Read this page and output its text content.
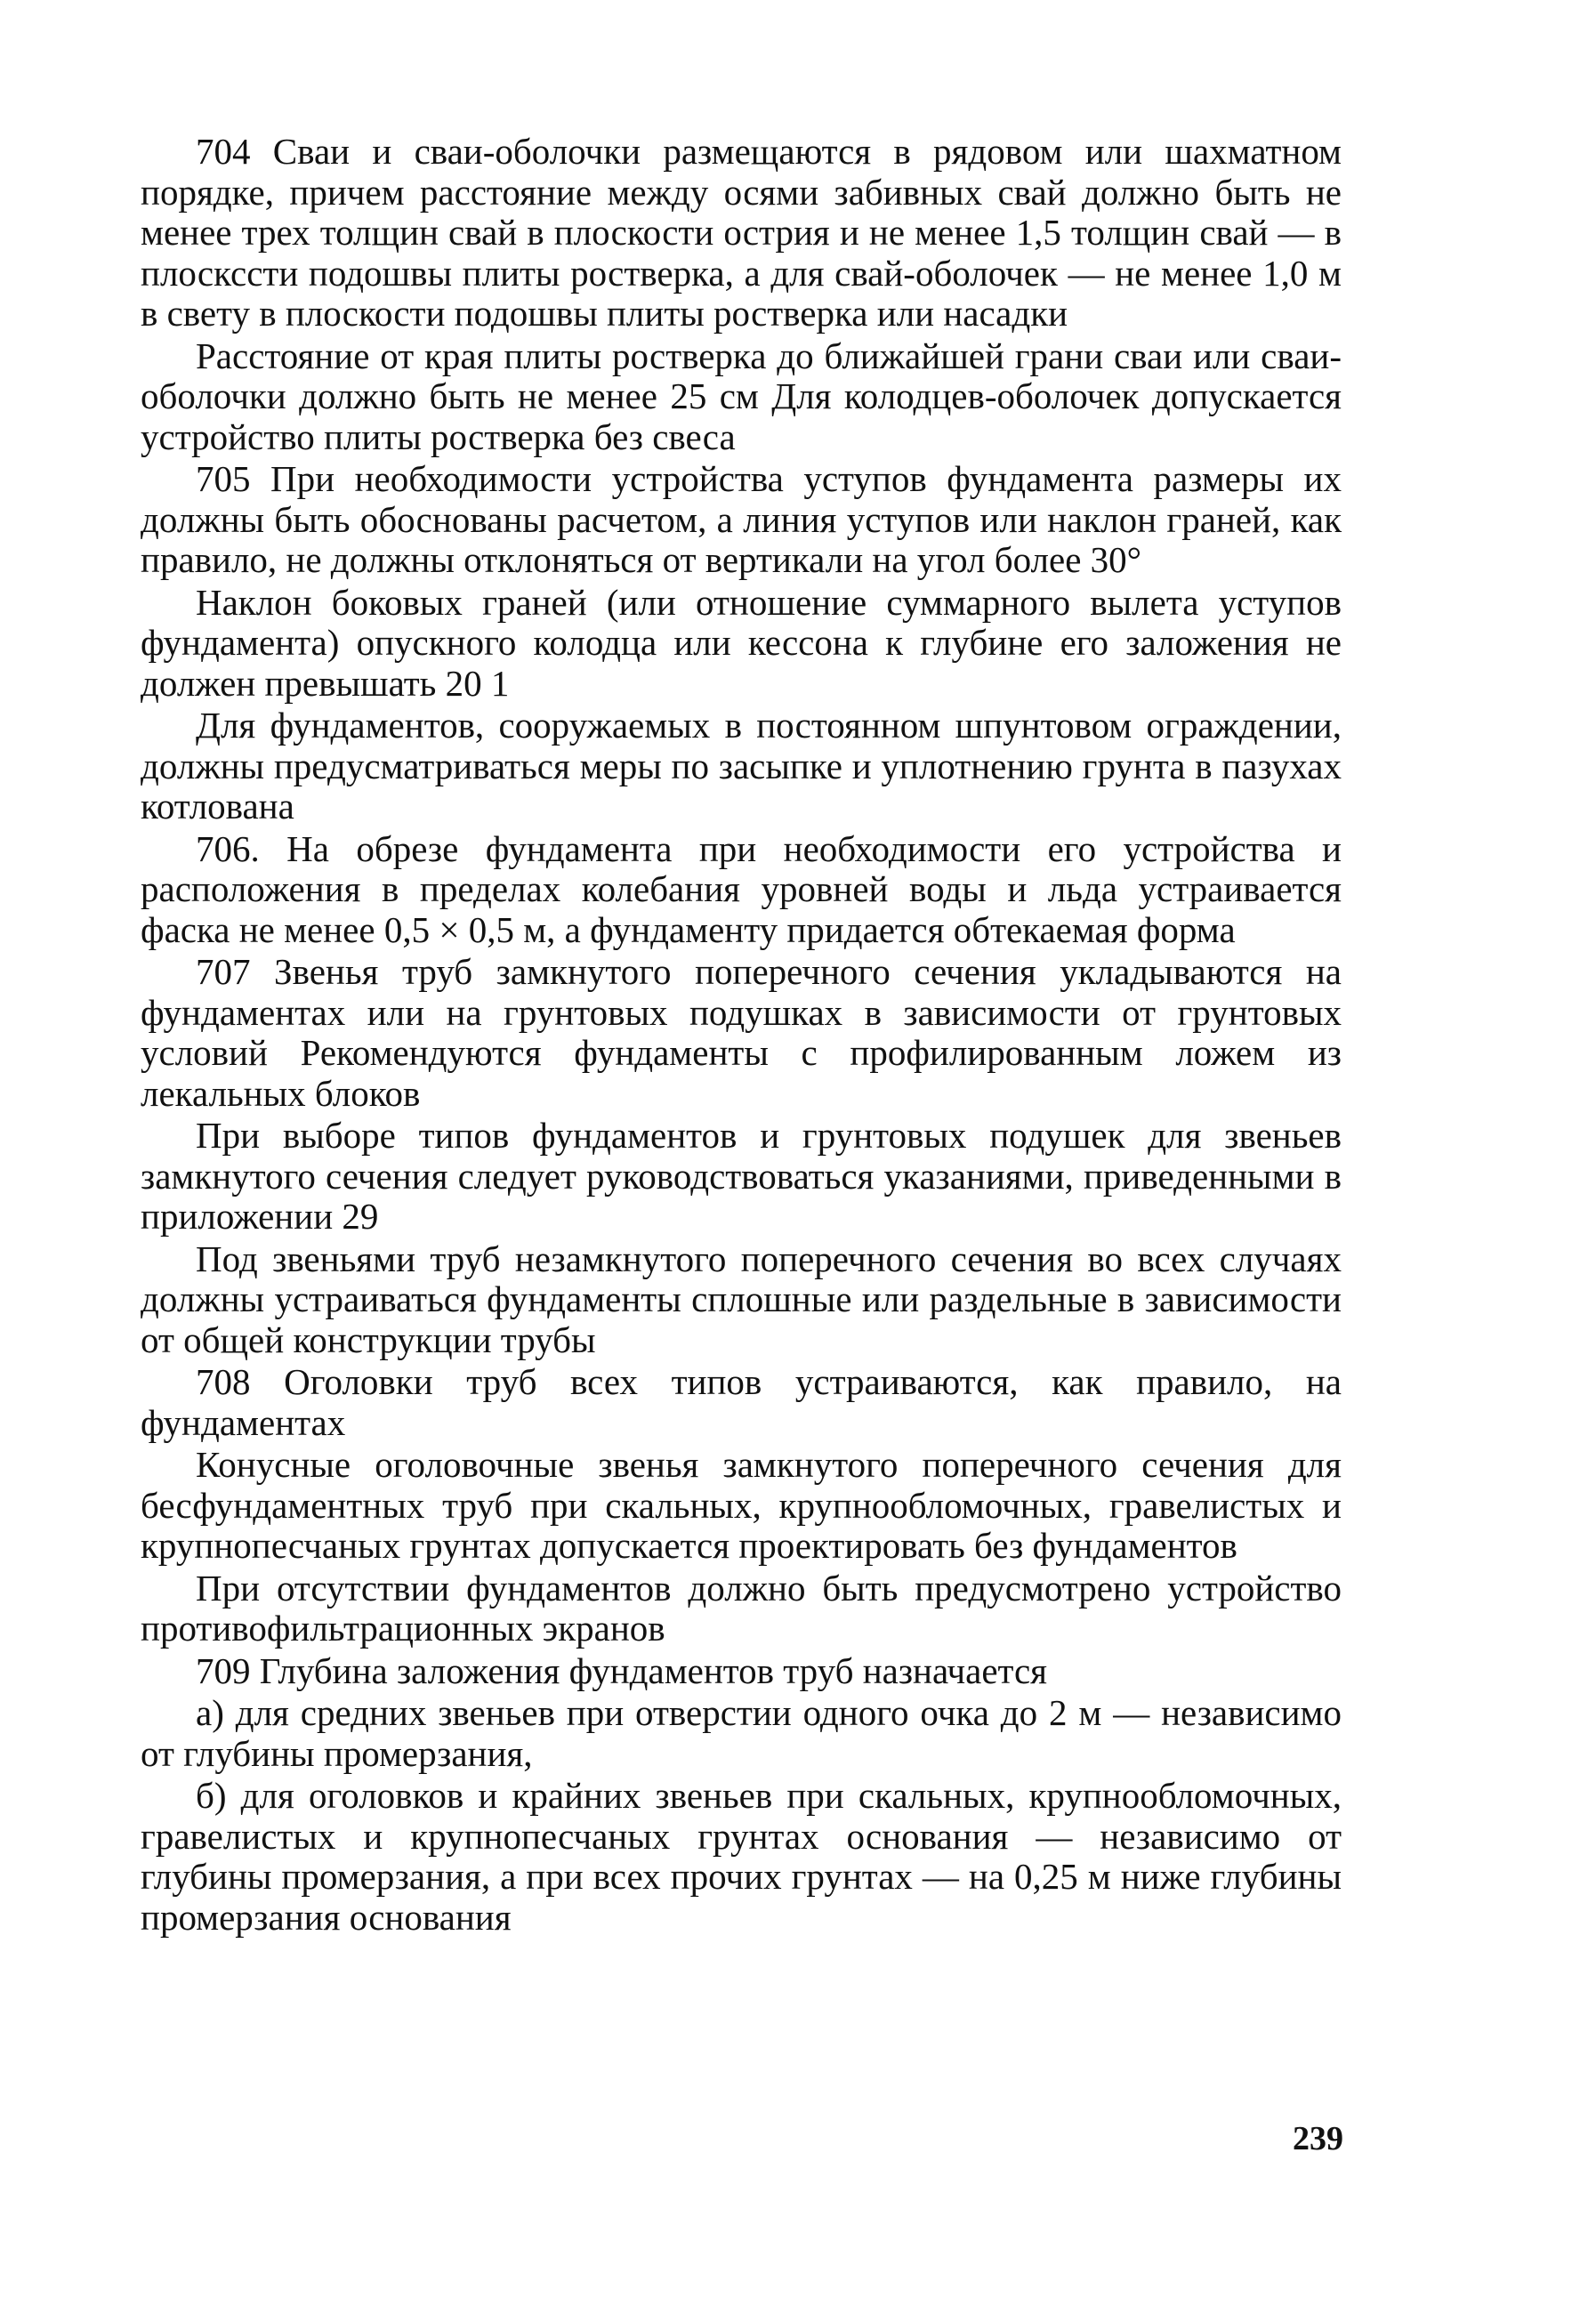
704 Сваи и сваи-оболочки размещаются в рядовом или шахматном порядке, причем расстояние между осями забивных свай должно быть не менее трех толщин свай в плоскости острия и не менее 1,5 толщин свай — в плоскссти подошвы плиты ростверка, а для свай-оболочек — не менее 1,0 м в свету в плоскости подошвы плиты ростверка или насадки

Расстояние от края плиты ростверка до ближайшей грани сваи или сваи-оболочки должно быть не менее 25 см Для колодцев-оболочек допускается устройство плиты ростверка без свеса

705 При необходимости устройства уступов фундамента размеры их должны быть обоснованы расчетом, а линия уступов или наклон граней, как правило, не должны отклоняться от вертикали на угол более 30°

Наклон боковых граней (или отношение суммарного вылета уступов фундамента) опускного колодца или кессона к глубине его заложения не должен превышать 20 1

Для фундаментов, сооружаемых в постоянном шпунтовом ограждении, должны предусматриваться меры по засыпке и уплотнению грунта в пазухах котлована

706. На обрезе фундамента при необходимости его устройства и расположения в пределах колебания уровней воды и льда устраивается фаска не менее 0,5 × 0,5 м, а фундаменту придается обтекаемая форма

707 Звенья труб замкнутого поперечного сечения укладываются на фундаментах или на грунтовых подушках в зависимости от грунтовых условий Рекомендуются фундаменты с профилированным ложем из лекальных блоков

При выборе типов фундаментов и грунтовых подушек для звеньев замкнутого сечения следует руководствоваться указаниями, приведенными в приложении 29

Под звеньями труб незамкнутого поперечного сечения во всех случаях должны устраиваться фундаменты сплошные или раздельные в зависимости от общей конструкции трубы

708 Оголовки труб всех типов устраиваются, как правило, на фундаментах

Конусные оголовочные звенья замкнутого поперечного сечения для бесфундаментных труб при скальных, крупнообломочных, гравелистых и крупнопесчаных грунтах допускается проектировать без фундаментов

При отсутствии фундаментов должно быть предусмотрено устройство противофильтрационных экранов

709 Глубина заложения фундаментов труб назначается

а) для средних звеньев при отверстии одного очка до 2 м — независимо от глубины промерзания,

б) для оголовков и крайних звеньев при скальных, крупнообломочных, гравелистых и крупнопесчаных грунтах основания — независимо от глубины промерзания, а при всех прочих грунтах — на 0,25 м ниже глубины промерзания основания

239
